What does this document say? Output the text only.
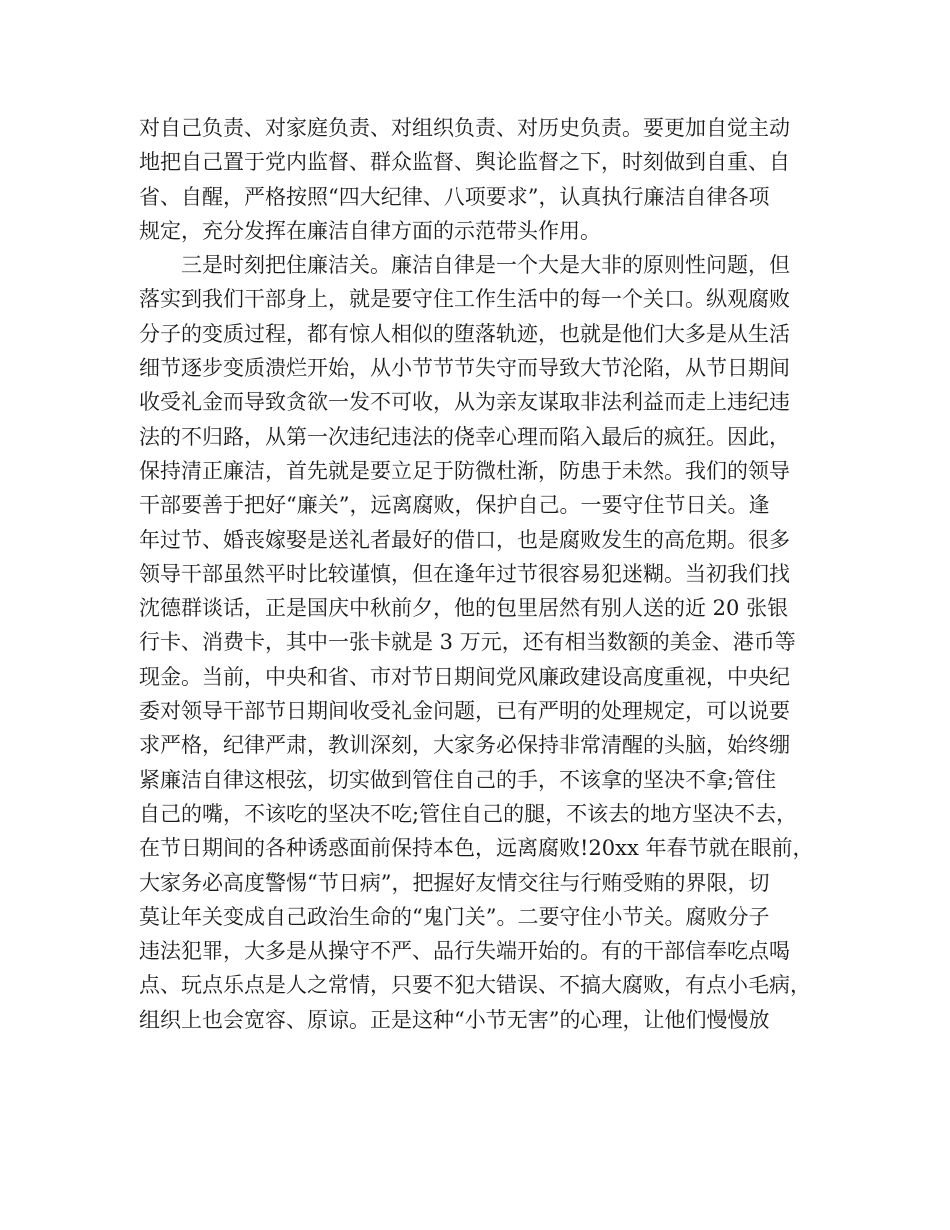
对自己负责、对家庭负责、对组织负责、对历史负责。要更加自觉主动
地把自己置于党内监督、群众监督、舆论监督之下，时刻做到自重、自
省、自醒，严格按照“四大纪律、八项要求”，认真执行廉洁自律各项
规定，充分发挥在廉洁自律方面的示范带头作用。
　　三是时刻把住廉洁关。廉洁自律是一个大是大非的原则性问题，但
落实到我们干部身上，就是要守住工作生活中的每一个关口。纵观腐败
分子的变质过程，都有惊人相似的堕落轨迹，也就是他们大多是从生活
细节逐步变质溃烂开始，从小节节节失守而导致大节沦陷，从节日期间
收受礼金而导致贪欲一发不可收，从为亲友谋取非法利益而走上违纪违
法的不归路，从第一次违纪违法的侥幸心理而陷入最后的疯狂。因此，
保持清正廉洁，首先就是要立足于防微杜渐，防患于未然。我们的领导
干部要善于把好“廉关”，远离腐败，保护自己。一要守住节日关。逢
年过节、婚丧嫁娶是送礼者最好的借口，也是腐败发生的高危期。很多
领导干部虽然平时比较谨慎，但在逢年过节很容易犯迷糊。当初我们找
沈德群谈话，正是国庆中秋前夕，他的包里居然有别人送的近 20 张银
行卡、消费卡，其中一张卡就是 3 万元，还有相当数额的美金、港币等
现金。当前，中央和省、市对节日期间党风廉政建设高度重视，中央纪
委对领导干部节日期间收受礼金问题，已有严明的处理规定，可以说要
求严格，纪律严肃，教训深刻，大家务必保持非常清醒的头脑，始终绷
紧廉洁自律这根弦，切实做到管住自己的手，不该拿的坚决不拿;管住
自己的嘴，不该吃的坚决不吃;管住自己的腿，不该去的地方坚决不去，
在节日期间的各种诱惑面前保持本色，远离腐败!20xx 年春节就在眼前，
大家务必高度警惕“节日病”，把握好友情交往与行贿受贿的界限，切
莫让年关变成自己政治生命的“鬼门关”。二要守住小节关。腐败分子
违法犯罪，大多是从操守不严、品行失端开始的。有的干部信奉吃点喝
点、玩点乐点是人之常情，只要不犯大错误、不搞大腐败，有点小毛病，
组织上也会宽容、原谅。正是这种“小节无害”的心理，让他们慢慢放
